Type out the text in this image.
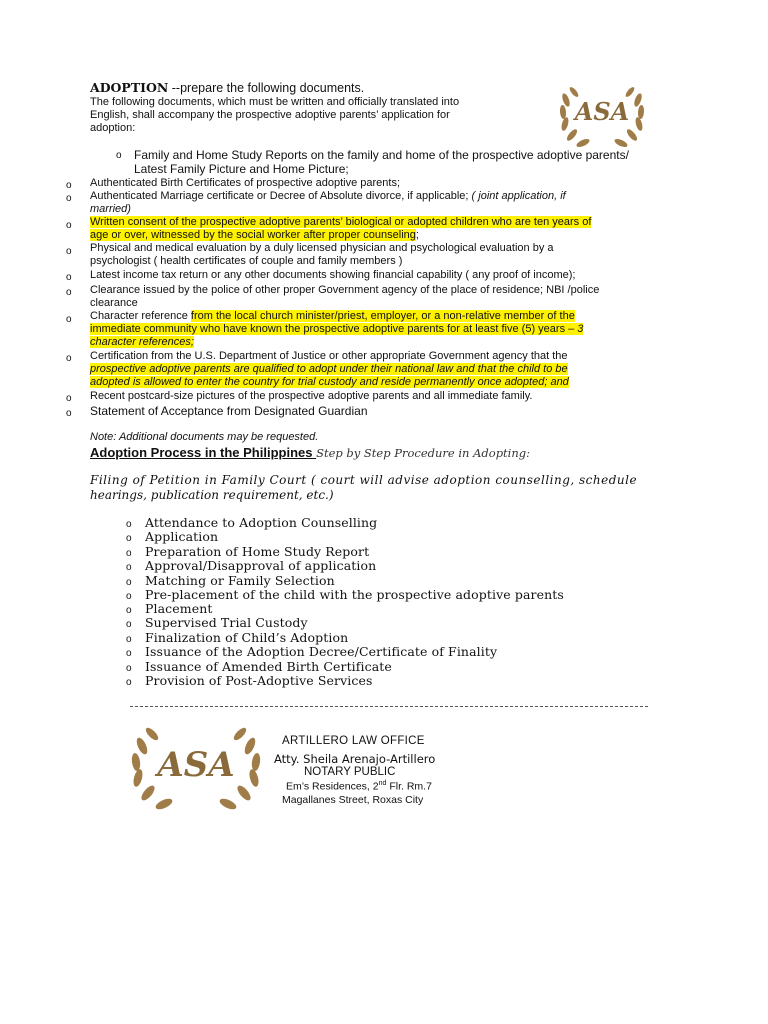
ADOPTION --prepare the following documents.
The following documents, which must be written and officially translated into
English, shall accompany the prospective adoptive parents’ application for
adoption:
ASA
o Family and Home Study Reports on the family and home of the prospective adoptive parents/
Latest Family Picture and Home Picture;
o Authenticated Birth Certificates of prospective adoptive parents;
o Authenticated Marriage certificate or Decree of Absolute divorce, if applicable; ( joint application, if
married)
o Written consent of the prospective adoptive parents’ biological or adopted children who are ten years of
age or over, witnessed by the social worker after proper counseling;
o Physical and medical evaluation by a duly licensed physician and psychological evaluation by a
psychologist ( health certificates of couple and family members )
o Latest income tax return or any other documents showing financial capability ( any proof of income);
o Clearance issued by the police of other proper Government agency of the place of residence; NBI /police
clearance
o Character reference from the local church minister/priest, employer, or a non-relative member of the
immediate community who have known the prospective adoptive parents for at least five (5) years – 3
character references;
o Certification from the U.S. Department of Justice or other appropriate Government agency that the
prospective adoptive parents are qualified to adopt under their national law and that the child to be
adopted is allowed to enter the country for trial custody and reside permanently once adopted; and
o Recent postcard-size pictures of the prospective adoptive parents and all immediate family.
o Statement of Acceptance from Designated Guardian
Note: Additional documents may be requested.
Adoption Process in the Philippines Step by Step Procedure in Adopting:
Filing of Petition in Family Court ( court will advise adoption counselling, schedule
hearings, publication requirement, etc.)
o Attendance to Adoption Counselling
o Application
o Preparation of Home Study Report
o Approval/Disapproval of application
o Matching or Family Selection
o Pre-placement of the child with the prospective adoptive parents
o Placement
o Supervised Trial Custody
o Finalization of Child’s Adoption
o Issuance of the Adoption Decree/Certificate of Finality
o Issuance of Amended Birth Certificate
o Provision of Post-Adoptive Services
ASA
ARTILLERO LAW OFFICE
Atty. Sheila Arenajo-Artillero
NOTARY PUBLIC
Em’s Residences, 2nd Flr. Rm.7
Magallanes Street, Roxas City
